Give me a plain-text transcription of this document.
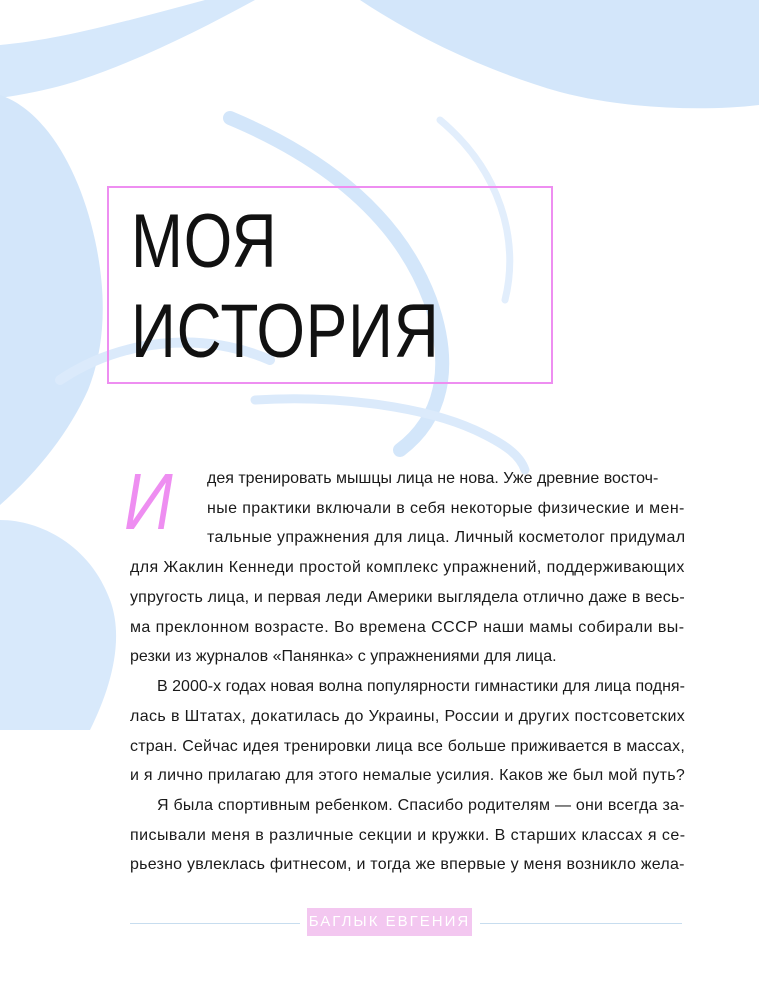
МОЯ
ИСТОРИЯ
И дея тренировать мышцы лица не нова. Уже древние восточ-
ные практики включали в себя некоторые физические и мен-
тальные упражнения для лица. Личный косметолог придумал
для Жаклин Кеннеди простой комплекс упражнений, поддерживающих
упругость лица, и первая леди Америки выглядела отлично даже в весь-
ма преклонном возрасте. Во времена СССР наши мамы собирали вы-
резки из журналов «Панянка» с упражнениями для лица.
В 2000-х годах новая волна популярности гимнастики для лица подня-
лась в Штатах, докатилась до Украины, России и других постсоветских
стран. Сейчас идея тренировки лица все больше приживается в массах,
и я лично прилагаю для этого немалые усилия. Каков же был мой путь?
Я была спортивным ребенком. Спасибо родителям — они всегда за-
писывали меня в различные секции и кружки. В старших классах я се-
рьезно увлеклась фитнесом, и тогда же впервые у меня возникло жела-
БАГЛЫК ЕВГЕНИЯ
